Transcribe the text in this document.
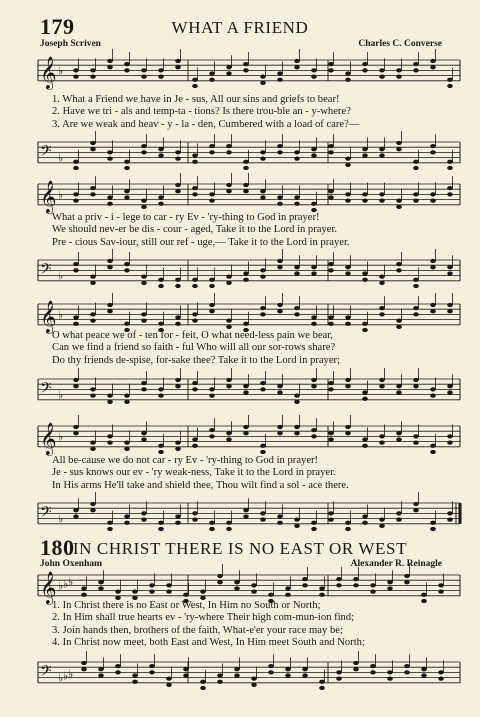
179	WHAT A FRIEND
Joseph Scriven	Charles C. Converse
𝄞 ♭
1. What a Friend we have in Je - sus, All our sins and griefs to bear!
2. Have we tri - als and temp-ta - tions? Is there trou-ble an - y-where?
3. Are we weak and heav - y - la - den, Cumbered with a load of care?—
𝄢 ♭
𝄞 ♭
What a priv - i - lege to car - ry Ev - 'ry-thing to God in prayer!
We should nev-er be dis - cour - aged, Take it to the Lord in prayer.
Pre - cious Sav-iour, still our ref - uge,— Take it to the Lord in prayer.
𝄢 ♭
𝄞 ♭
O what peace we of - ten for - feit, O what need-less pain we bear,
Can we find a friend so faith - ful Who will all our sor-rows share?
Do thy friends de-spise, for-sake thee? Take it to the Lord in prayer;
𝄢 ♭
𝄞 ♭
All be-cause we do not car - ry Ev - 'ry-thing to God in prayer!
Je - sus knows our ev - 'ry weak-ness, Take it to the Lord in prayer.
In His arms He'll take and shield thee, Thou wilt find a sol - ace there.
𝄢 ♭
180
IN CHRIST THERE IS NO EAST OR WEST
John Oxenham	Alexander R. Reinagle
𝄞 ♭ ♭ ♭
1. In Christ there is no East or West, In Him no South or North;
2. In Him shall true hearts ev - 'ry-where Their high com-mun-ion find;
3. Join hands then, brothers of the faith, What-e'er your race may be;
4. In Christ now meet, both East and West, In Him meet South and North;
𝄢 ♭ ♭ ♭
